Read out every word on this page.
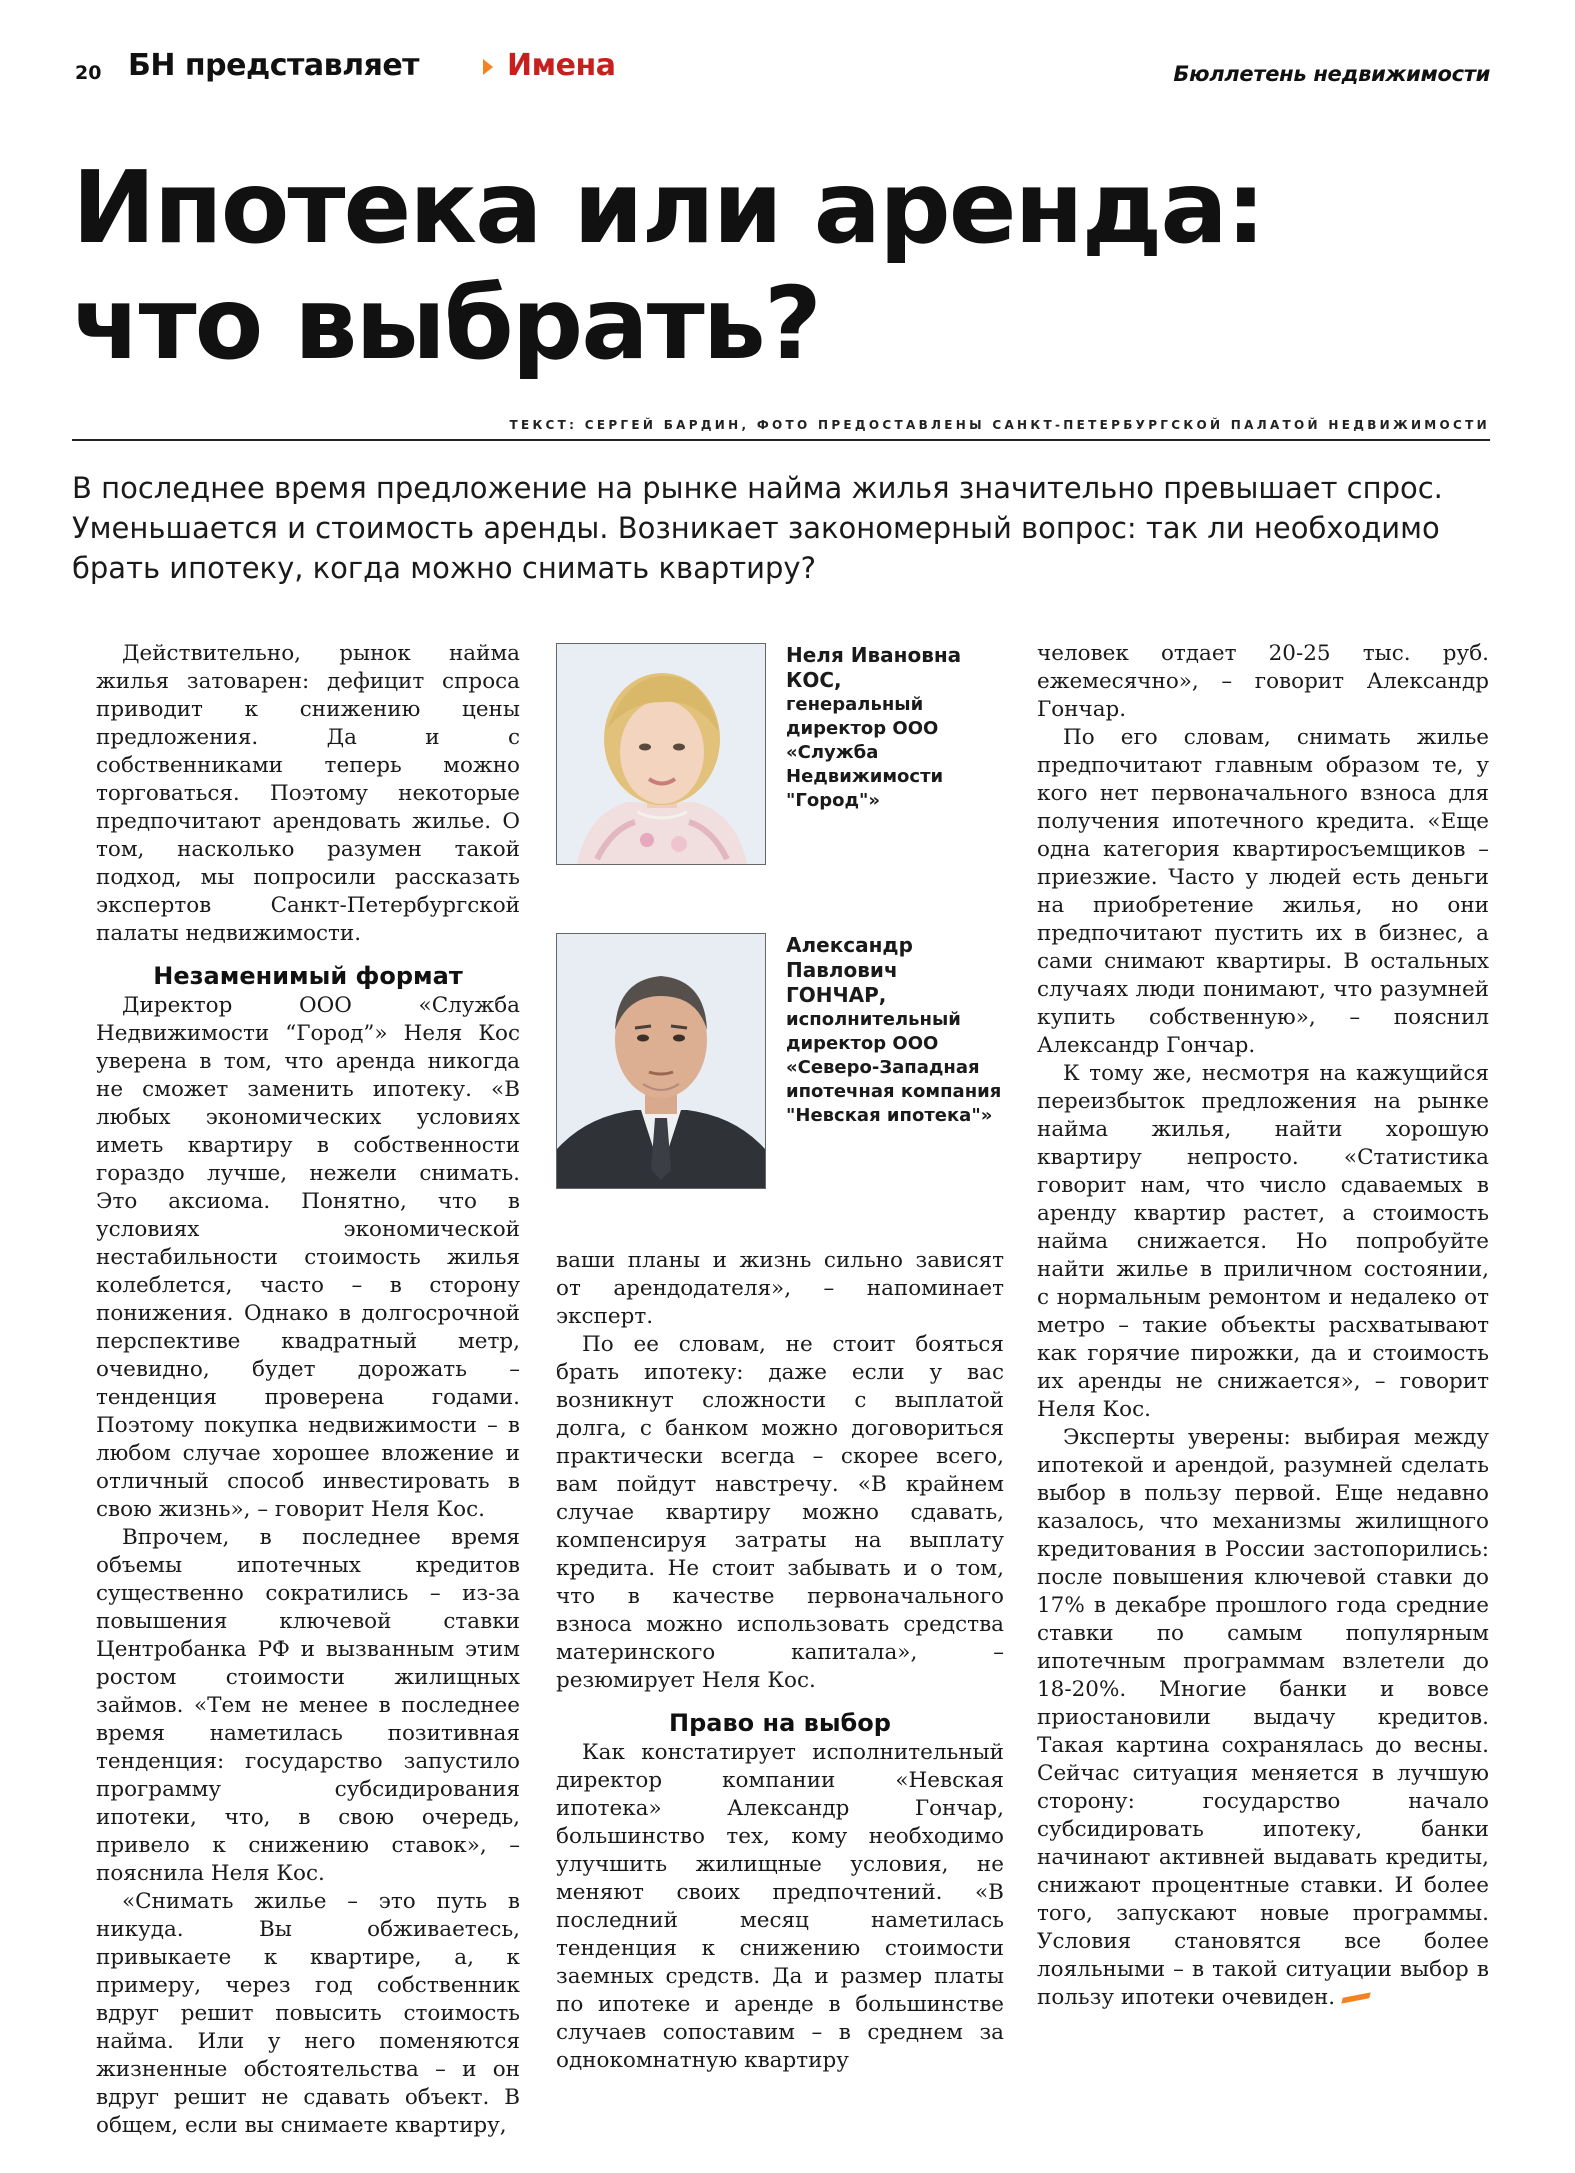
20 БН представляет	Имена	Бюллетень недвижимости
Ипотека или аренда:
что выбрать?
ТЕКСТ: СЕРГЕЙ БАРДИН, ФОТО ПРЕДОСТАВЛЕНЫ САНКТ-ПЕТЕРБУРГСКОЙ ПАЛАТОЙ НЕДВИЖИМОСТИ

В последнее время предложение на рынке найма жилья значительно превышает спрос.
Уменьшается и стоимость аренды. Возникает закономерный вопрос: так ли необходимо
брать ипотеку, когда можно снимать квартиру?

Действительно, рынок найма жилья затоварен: дефицит спроса приводит к снижению цены предложения. Да и с собственниками теперь можно торговаться. Поэтому некоторые предпочитают арендовать жилье. О том, насколько разумен такой подход, мы попросили рассказать экспертов Санкт-Петербургской палаты недвижимости.

Незаменимый формат

Директор ООО «Служба Недвижимости “Город”» Неля Кос уверена в том, что аренда никогда не сможет заменить ипотеку. «В любых экономических условиях иметь квартиру в собственности гораздо лучше, нежели снимать. Это аксиома. Понятно, что в условиях экономической нестабильности стоимость жилья колеблется, часто – в сторону понижения. Однако в долгосрочной перспективе квадратный метр, очевидно, будет дорожать – тенденция проверена годами. Поэтому покупка недвижимости – в любом случае хорошее вложение и отличный способ инвестировать в свою жизнь», – говорит Неля Кос.

Впрочем, в последнее время объемы ипотечных кредитов существенно сократились – из-за повышения ключевой ставки Центробанка РФ и вызванным этим ростом стоимости жилищных займов. «Тем не менее в последнее время наметилась позитивная тенденция: государство запустило программу субсидирования ипотеки, что, в свою очередь, привело к снижению ставок», – пояснила Неля Кос.

«Снимать жилье – это путь в никуда. Вы обживаетесь, привыкаете к квартире, а, к примеру, через год собственник вдруг решит повысить стоимость найма. Или у него поменяются жизненные обстоятельства – и он вдруг решит не сдавать объект. В общем, если вы снимаете квартиру,

Неля Ивановна
КОС,
генеральный директор ООО «Служба Недвижимости "Город"»
Александр Павлович
ГОНЧАР,
исполнительный директор ООО «Северо-Западная ипотечная компания "Невская ипотека"»

ваши планы и жизнь сильно зависят от арендодателя», – напоминает эксперт.

По ее словам, не стоит бояться брать ипотеку: даже если у вас возникнут сложности с выплатой долга, с банком можно договориться практически всегда – скорее всего, вам пойдут навстречу. «В крайнем случае квартиру можно сдавать, компенсируя затраты на выплату кредита. Не стоит забывать и о том, что в качестве первоначального взноса можно использовать средства материнского капитала», – резюмирует Неля Кос.

Право на выбор

Как констатирует исполнительный директор компании «Невская ипотека» Александр Гончар, большинство тех, кому необходимо улучшить жилищные условия, не меняют своих предпочтений. «В последний месяц наметилась тенденция к снижению стоимости заемных средств. Да и размер платы по ипотеке и аренде в большинстве случаев сопоставим – в среднем за однокомнатную квартиру

человек отдает 20-25 тыс. руб. ежемесячно», – говорит Александр Гончар.

По его словам, снимать жилье предпочитают главным образом те, у кого нет первоначального взноса для получения ипотечного кредита. «Еще одна категория квартиросъемщиков – приезжие. Часто у людей есть деньги на приобретение жилья, но они предпочитают пустить их в бизнес, а сами снимают квартиры. В остальных случаях люди понимают, что разумней купить собственную», – пояснил Александр Гончар.

К тому же, несмотря на кажущийся переизбыток предложения на рынке найма жилья, найти хорошую квартиру непросто. «Статистика говорит нам, что число сдаваемых в аренду квартир растет, а стоимость найма снижается. Но попробуйте найти жилье в приличном состоянии, с нормальным ремонтом и недалеко от метро – такие объекты расхватывают как горячие пирожки, да и стоимость их аренды не снижается», – говорит Неля Кос.

Эксперты уверены: выбирая между ипотекой и арендой, разумней сделать выбор в пользу первой. Еще недавно казалось, что механизмы жилищного кредитования в России застопорились: после повышения ключевой ставки до 17% в декабре прошлого года средние ставки по самым популярным ипотечным программам взлетели до 18-20%. Многие банки и вовсе приостановили выдачу кредитов. Такая картина сохранялась до весны. Сейчас ситуация меняется в лучшую сторону: государство начало субсидировать ипотеку, банки начинают активней выдавать кредиты, снижают процентные ставки. И более того, запускают новые программы. Условия становятся все более лояльными – в такой ситуации выбор в пользу ипотеки очевиден.
